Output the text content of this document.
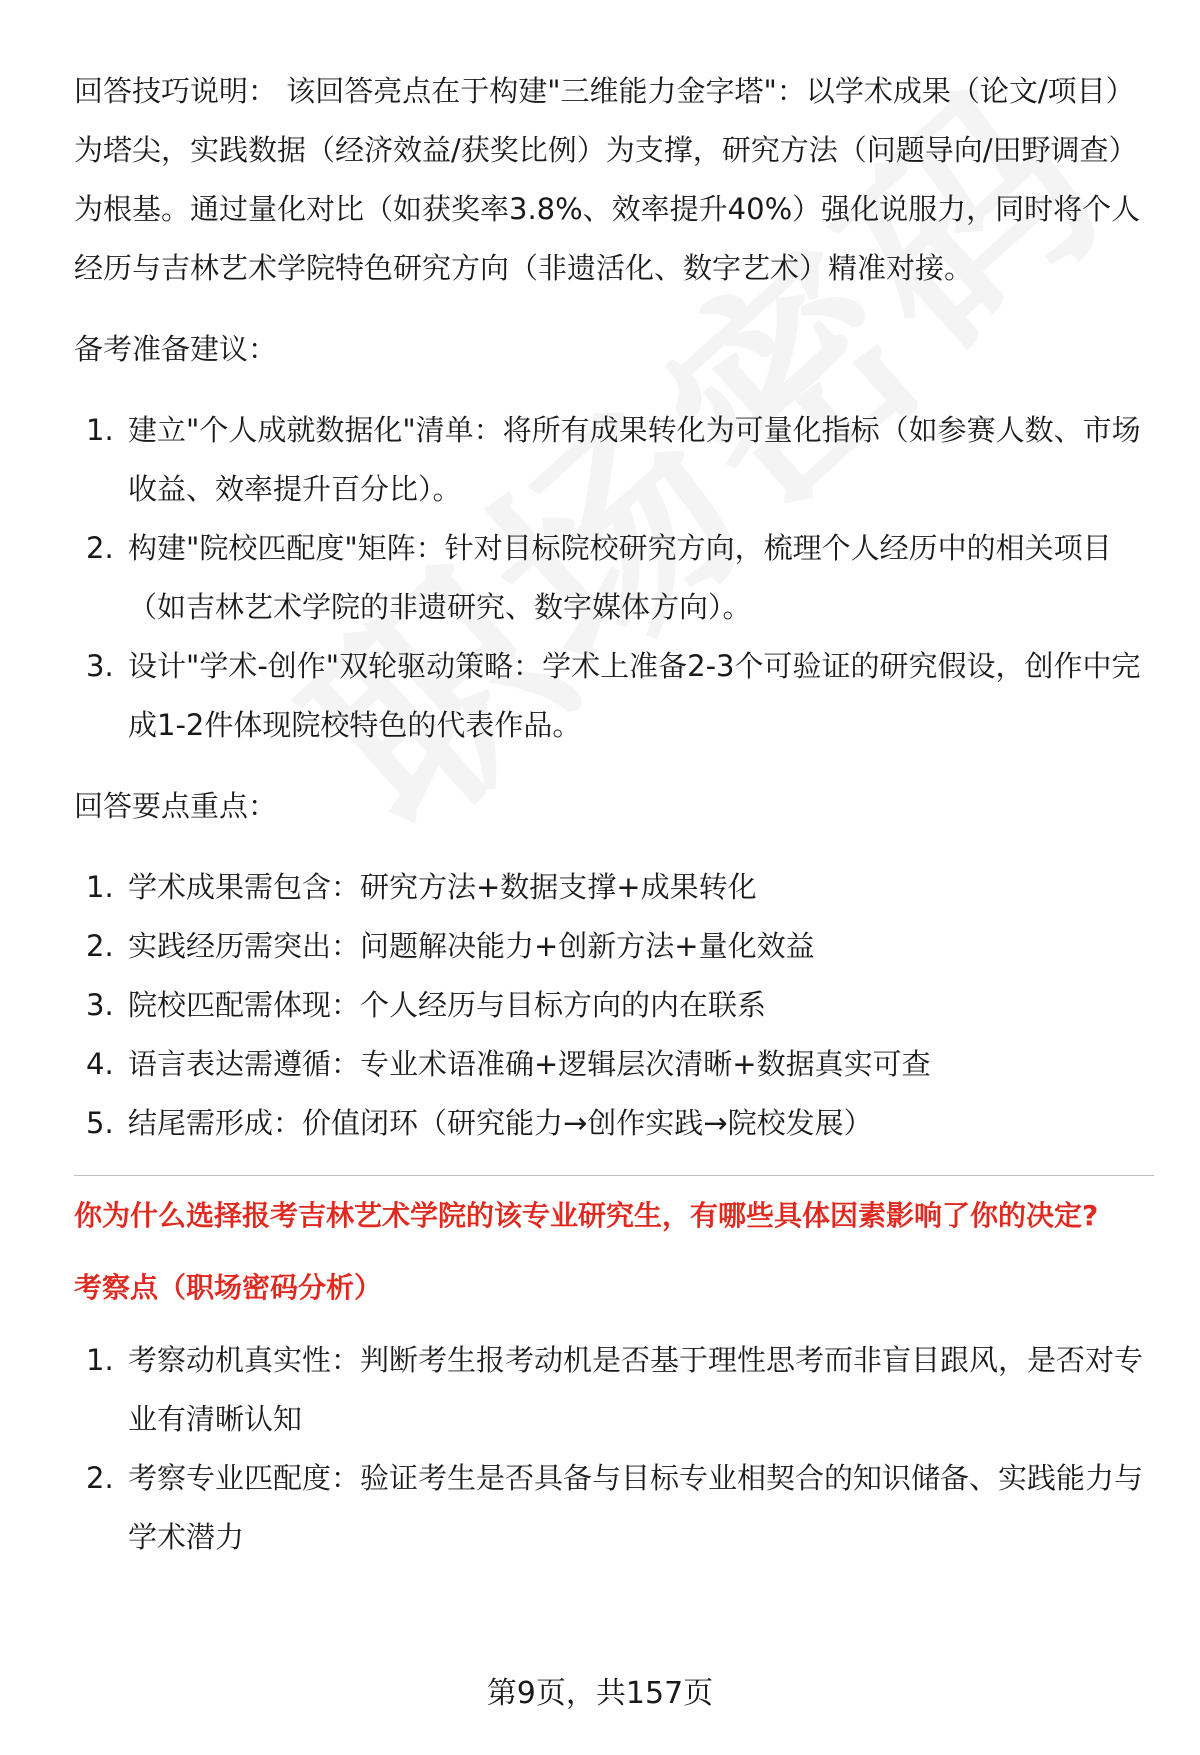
回答技巧说明： 该回答亮点在于构建"三维能力金字塔"：以学术成果（论文/项目）为塔尖，实践数据（经济效益/获奖比例）为支撑，研究方法（问题导向/田野调查）为根基。通过量化对比（如获奖率3.8%、效率提升40%）强化说服力，同时将个人经历与吉林艺术学院特色研究方向（非遗活化、数字艺术）精准对接。

备考准备建议：

1. 建立"个人成就数据化"清单：将所有成果转化为可量化指标（如参赛人数、市场收益、效率提升百分比）。
2. 构建"院校匹配度"矩阵：针对目标院校研究方向，梳理个人经历中的相关项目（如吉林艺术学院的非遗研究、数字媒体方向）。
3. 设计"学术-创作"双轮驱动策略：学术上准备2-3个可验证的研究假设，创作中完成1-2件体现院校特色的代表作品。

回答要点重点：

1. 学术成果需包含：研究方法+数据支撑+成果转化
2. 实践经历需突出：问题解决能力+创新方法+量化效益
3. 院校匹配需体现：个人经历与目标方向的内在联系
4. 语言表达需遵循：专业术语准确+逻辑层次清晰+数据真实可查
5. 结尾需形成：价值闭环（研究能力→创作实践→院校发展）

你为什么选择报考吉林艺术学院的该专业研究生，有哪些具体因素影响了你的决定?

考察点（职场密码分析）

1. 考察动机真实性：判断考生报考动机是否基于理性思考而非盲目跟风，是否对专业有清晰认知
2. 考察专业匹配度：验证考生是否具备与目标专业相契合的知识储备、实践能力与学术潜力
第9页，共157页
